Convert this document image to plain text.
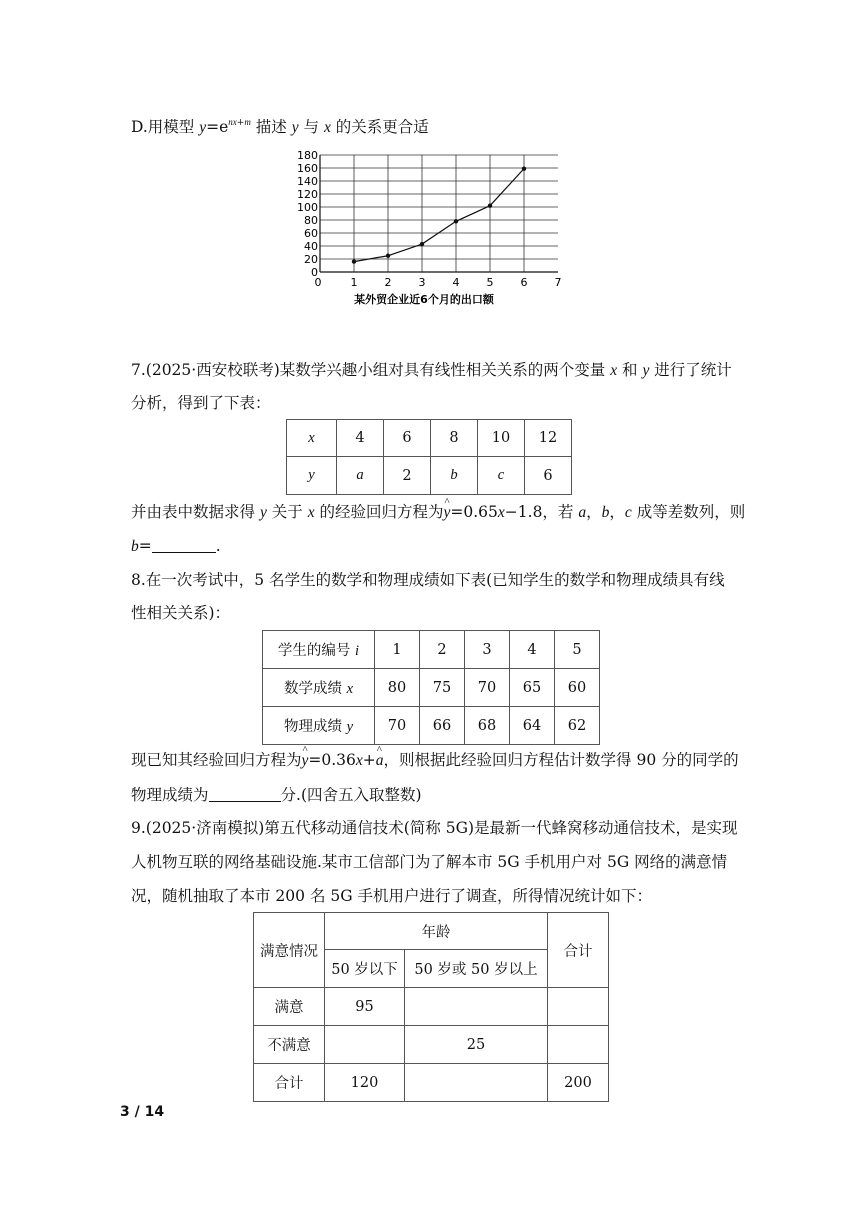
D.用模型 $y=e^{nx+m}$ 描述 y 与 x 的关系更合适
0
20
40
60
80
100
120
140
160
180
0	1 2 3 4 5 6 7
某外贸企业近6个月的出口额
7.(2025·西安校联考)某数学兴趣小组对具有线性相关关系的两个变量 x 和 y 进行了统计
分析，得到了下表：
x	4	6	8	10	12
y	a	2	b	c	6
并由表中数据求得 y 关于 x 的经验回归方程为^ y=0.65x−1.8，若 a，b，c 成等差数列，则
b=	.
8.在一次考试中，5 名学生的数学和物理成绩如下表(已知学生的数学和物理成绩具有线
性相关关系)：
学生的编号 i	1	2	3	4	5
数学成绩 x	80	75	70	65	60
物理成绩 y	70	66	68	64	62
现已知其经验回归方程为^ y=0.36x+^ a，则根据此经验回归方程估计数学得 90 分的同学的
物理成绩为	分.(四舍五入取整数)
9.(2025·济南模拟)第五代移动通信技术(简称 5G)是最新一代蜂窝移动通信技术，是实现
人机物互联的网络基础设施.某市工信部门为了解本市 5G 手机用户对 5G 网络的满意情
况，随机抽取了本市 200 名 5G 手机用户进行了调查，所得情况统计如下：
满意情况	年龄		合计
	50 岁以下	50 岁或 50 岁以上	
满意	95		
不满意		25	
合计	120		200
3 / 14
